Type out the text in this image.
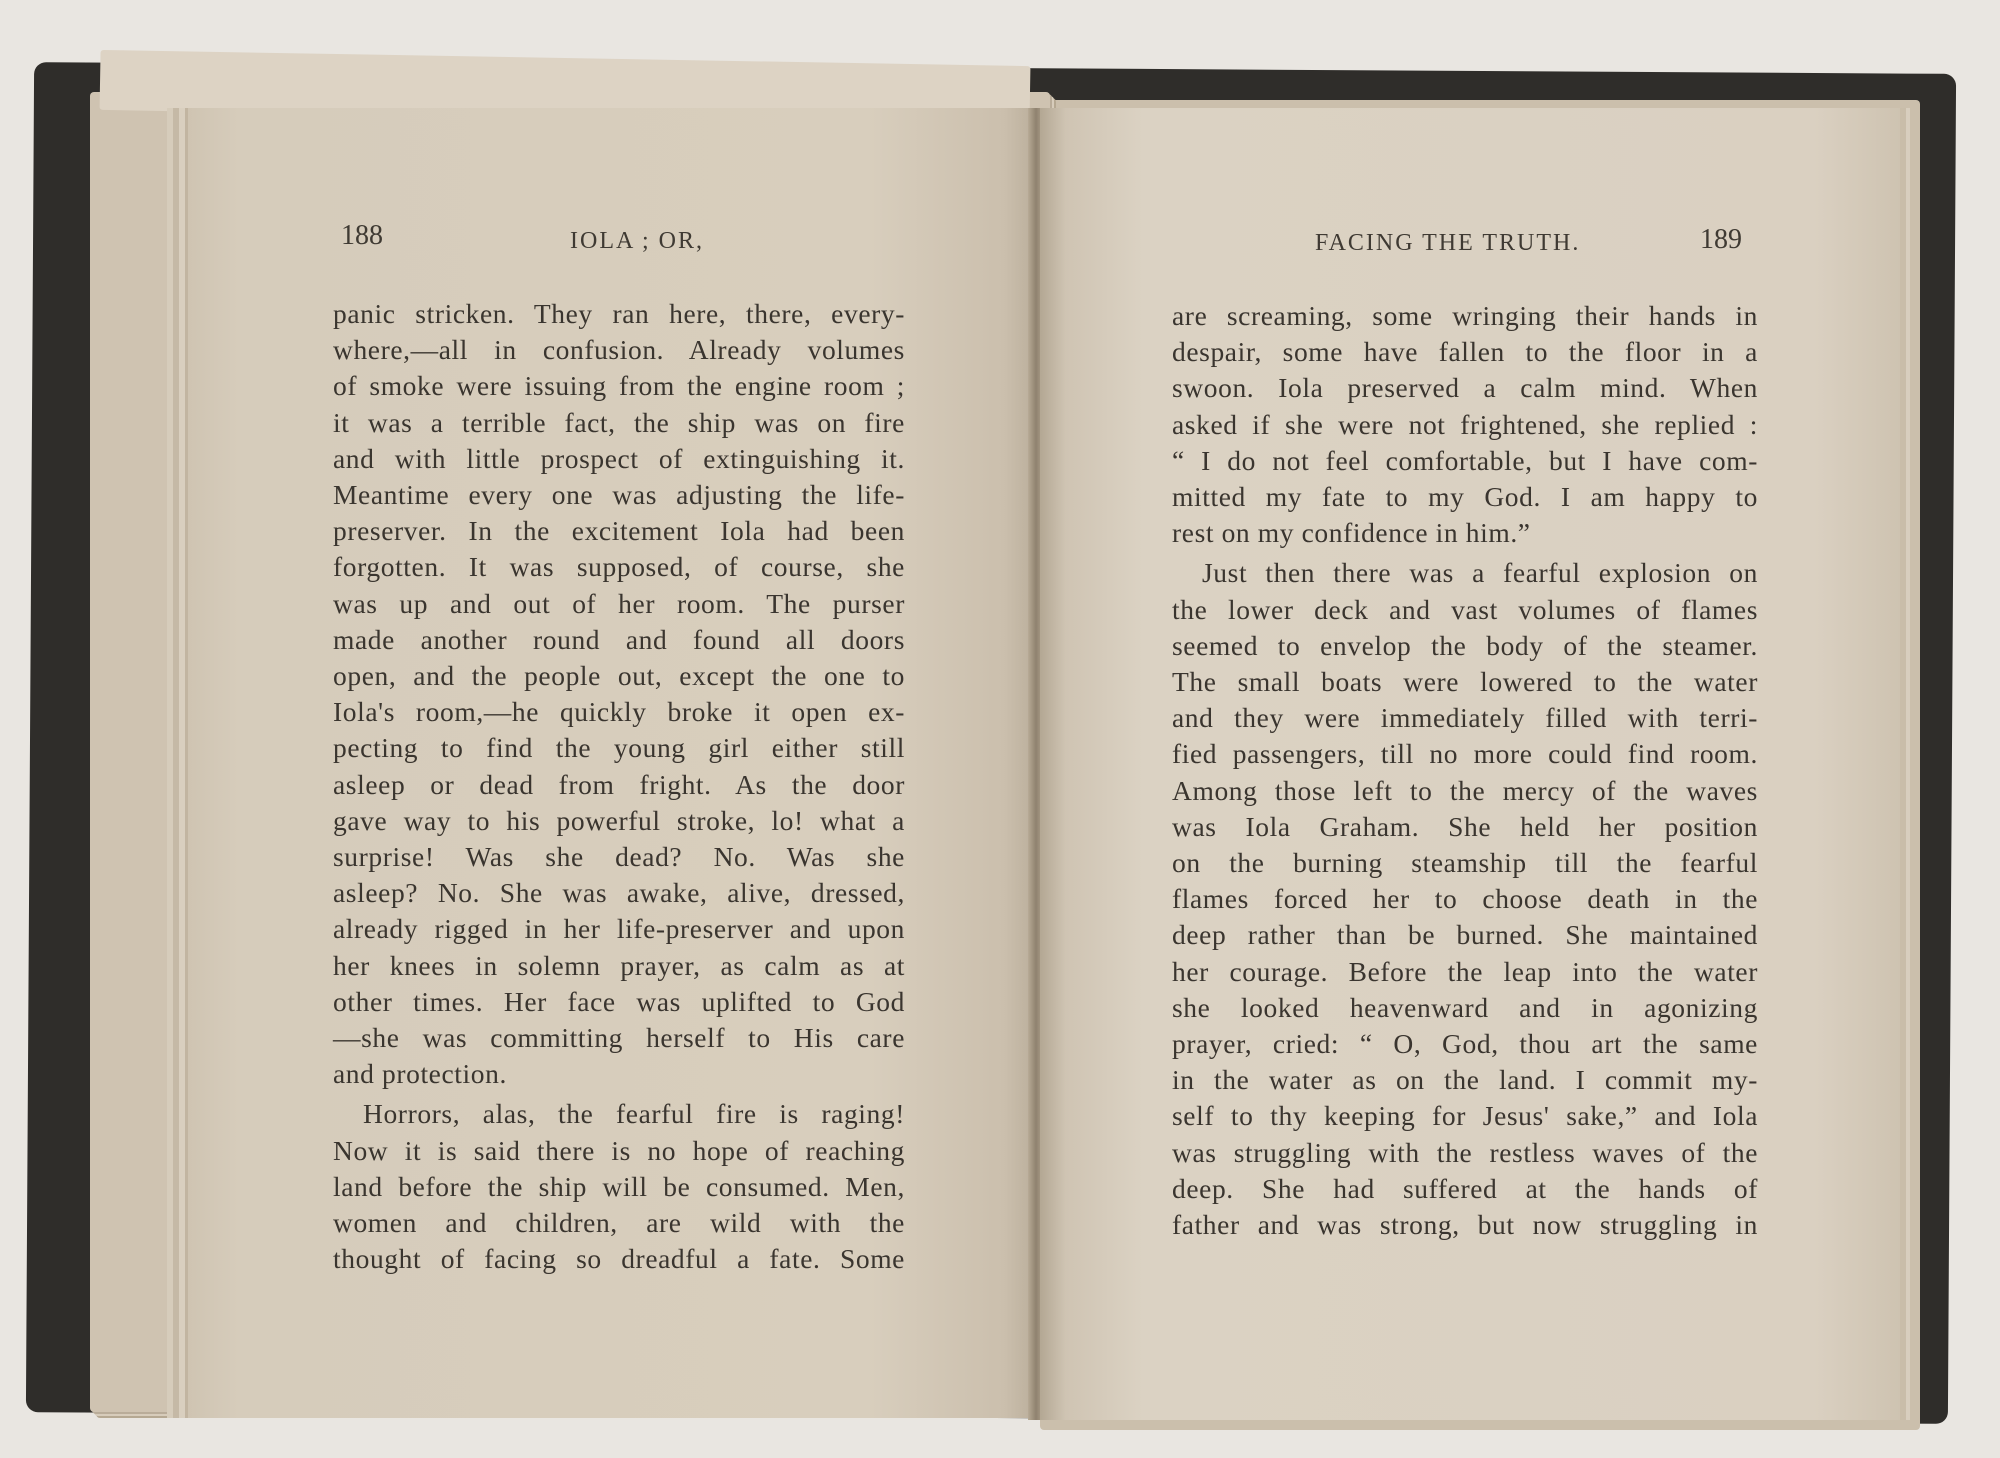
188	IOLA ; OR,
panic stricken. They ran here, there, every-
where,—all in confusion. Already volumes
of smoke were issuing from the engine room ;
it was a terrible fact, the ship was on fire
and with little prospect of extinguishing it.
Meantime every one was adjusting the life-
preserver. In the excitement Iola had been
forgotten. It was supposed, of course, she
was up and out of her room. The purser
made another round and found all doors
open, and the people out, except the one to
Iola's room,—he quickly broke it open ex-
pecting to find the young girl either still
asleep or dead from fright. As the door
gave way to his powerful stroke, lo! what a
surprise! Was she dead? No. Was she
asleep? No. She was awake, alive, dressed,
already rigged in her life-preserver and upon
her knees in solemn prayer, as calm as at
other times. Her face was uplifted to God
—she was committing herself to His care
and protection.
Horrors, alas, the fearful fire is raging!
Now it is said there is no hope of reaching
land before the ship will be consumed. Men,
women and children, are wild with the
thought of facing so dreadful a fate. Some
FACING THE TRUTH.	189
are screaming, some wringing their hands in
despair, some have fallen to the floor in a
swoon. Iola preserved a calm mind. When
asked if she were not frightened, she replied :
“ I do not feel comfortable, but I have com-
mitted my fate to my God. I am happy to
rest on my confidence in him.”
Just then there was a fearful explosion on
the lower deck and vast volumes of flames
seemed to envelop the body of the steamer.
The small boats were lowered to the water
and they were immediately filled with terri-
fied passengers, till no more could find room.
Among those left to the mercy of the waves
was Iola Graham. She held her position
on the burning steamship till the fearful
flames forced her to choose death in the
deep rather than be burned. She maintained
her courage. Before the leap into the water
she looked heavenward and in agonizing
prayer, cried: “ O, God, thou art the same
in the water as on the land. I commit my-
self to thy keeping for Jesus' sake,” and Iola
was struggling with the restless waves of the
deep. She had suffered at the hands of
father and was strong, but now struggling in
